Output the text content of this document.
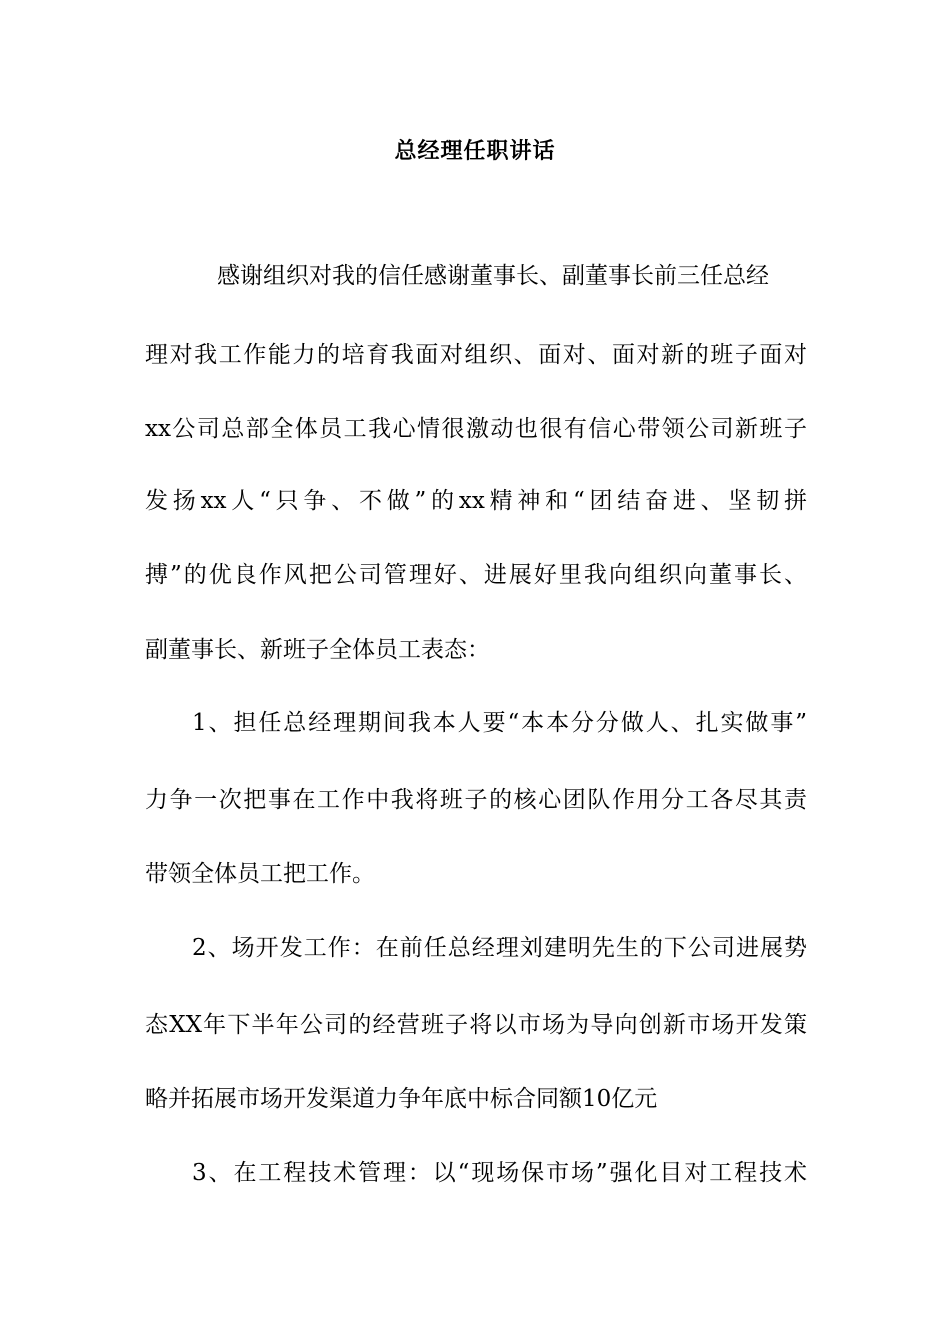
总经理任职讲话
感谢组织对我的信任感谢董事长、副董事长前三任总经
理对我工作能力的培育我面对组织、面对、面对新的班子面对
xx公司总部全体员工我心情很激动也很有信心带领公司新班子
发扬xx人“只争、不做”的xx精神和“团结奋进、坚韧拼
搏”的优良作风把公司管理好、进展好里我向组织向董事长、
副董事长、新班子全体员工表态：
1、担任总经理期间我本人要“本本分分做人、扎实做事”
力争一次把事在工作中我将班子的核心团队作用分工各尽其责
带领全体员工把工作。
2、场开发工作：在前任总经理刘建明先生的下公司进展势
态XX年下半年公司的经营班子将以市场为导向创新市场开发策
略并拓展市场开发渠道力争年底中标合同额10亿元
3、在工程技术管理：以“现场保市场”强化目对工程技术
